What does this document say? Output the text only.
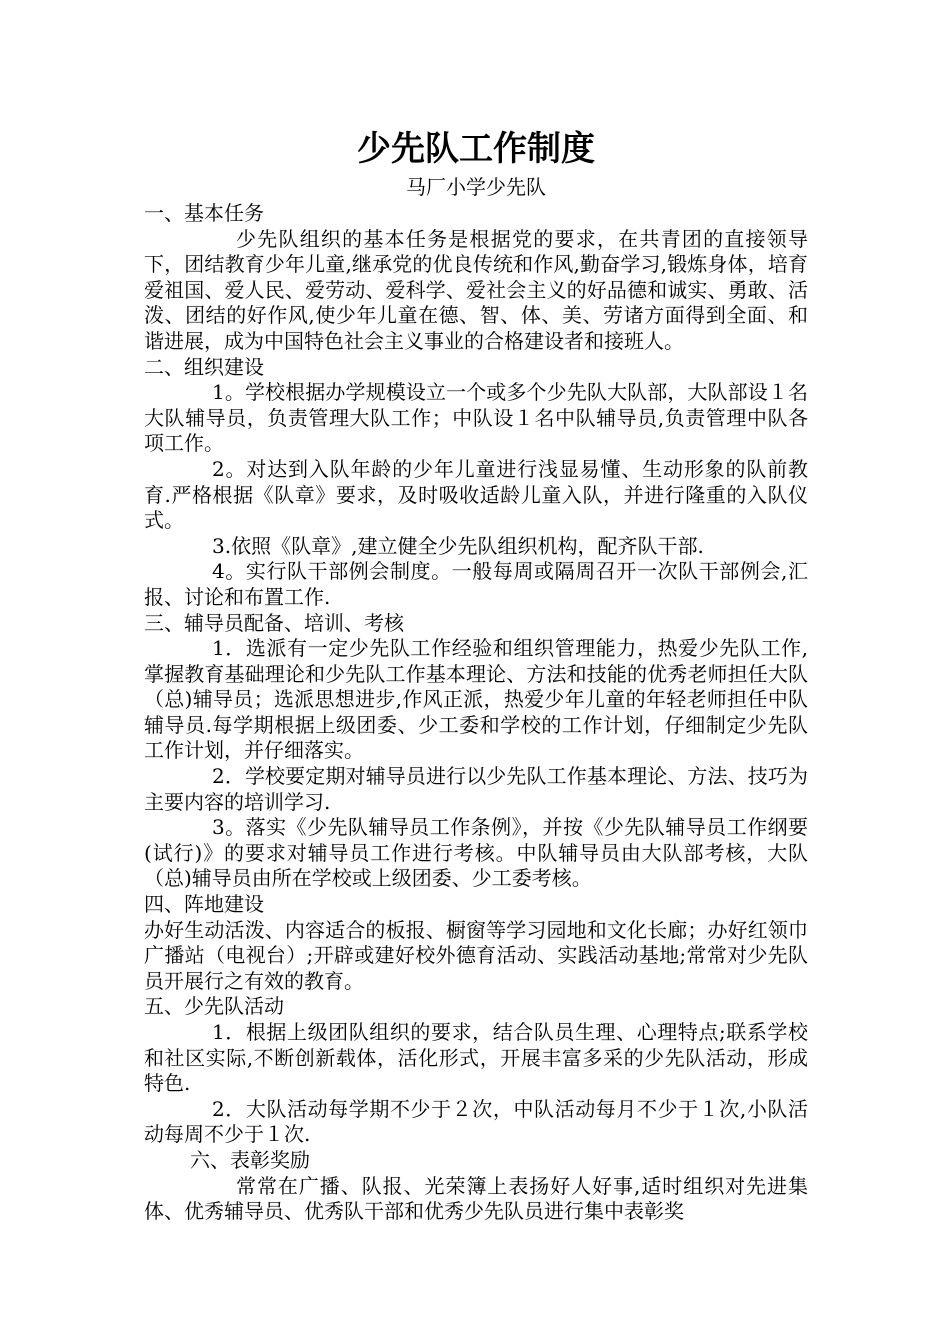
少先队工作制度

马厂小学少先队

一、基本任务

少先队组织的基本任务是根据党的要求，在共青团的直接领导下，团结教育少年儿童,继承党的优良传统和作风,勤奋学习,锻炼身体，培育爱祖国、爱人民、爱劳动、爱科学、爱社会主义的好品德和诚实、勇敢、活泼、团结的好作风,使少年儿童在德、智、体、美、劳诸方面得到全面、和谐进展，成为中国特色社会主义事业的合格建设者和接班人。

二、组织建设

1。学校根据办学规模设立一个或多个少先队大队部，大队部设１名大队辅导员，负责管理大队工作；中队设１名中队辅导员,负责管理中队各项工作。

2。对达到入队年龄的少年儿童进行浅显易懂、生动形象的队前教育.严格根据《队章》要求，及时吸收适龄儿童入队，并进行隆重的入队仪式。

3.依照《队章》,建立健全少先队组织机构，配齐队干部.

4。实行队干部例会制度。一般每周或隔周召开一次队干部例会,汇报、讨论和布置工作.

三、辅导员配备、培训、考核

1．选派有一定少先队工作经验和组织管理能力，热爱少先队工作,掌握教育基础理论和少先队工作基本理论、方法和技能的优秀老师担任大队（总)辅导员；选派思想进步,作风正派，热爱少年儿童的年轻老师担任中队辅导员.每学期根据上级团委、少工委和学校的工作计划，仔细制定少先队工作计划，并仔细落实。

2．学校要定期对辅导员进行以少先队工作基本理论、方法、技巧为主要内容的培训学习.

3。落实《少先队辅导员工作条例》，并按《少先队辅导员工作纲要(试行)》的要求对辅导员工作进行考核。中队辅导员由大队部考核，大队（总)辅导员由所在学校或上级团委、少工委考核。

四、阵地建设

办好生动活泼、内容适合的板报、橱窗等学习园地和文化长廊；办好红领巾广播站（电视台）;开辟或建好校外德育活动、实践活动基地;常常对少先队员开展行之有效的教育。

五、少先队活动

1．根据上级团队组织的要求，结合队员生理、心理特点;联系学校和社区实际,不断创新载体，活化形式，开展丰富多采的少先队活动，形成特色.

2．大队活动每学期不少于２次，中队活动每月不少于１次,小队活动每周不少于１次.

六、表彰奖励

常常在广播、队报、光荣簿上表扬好人好事,适时组织对先进集体、优秀辅导员、优秀队干部和优秀少先队员进行集中表彰奖
